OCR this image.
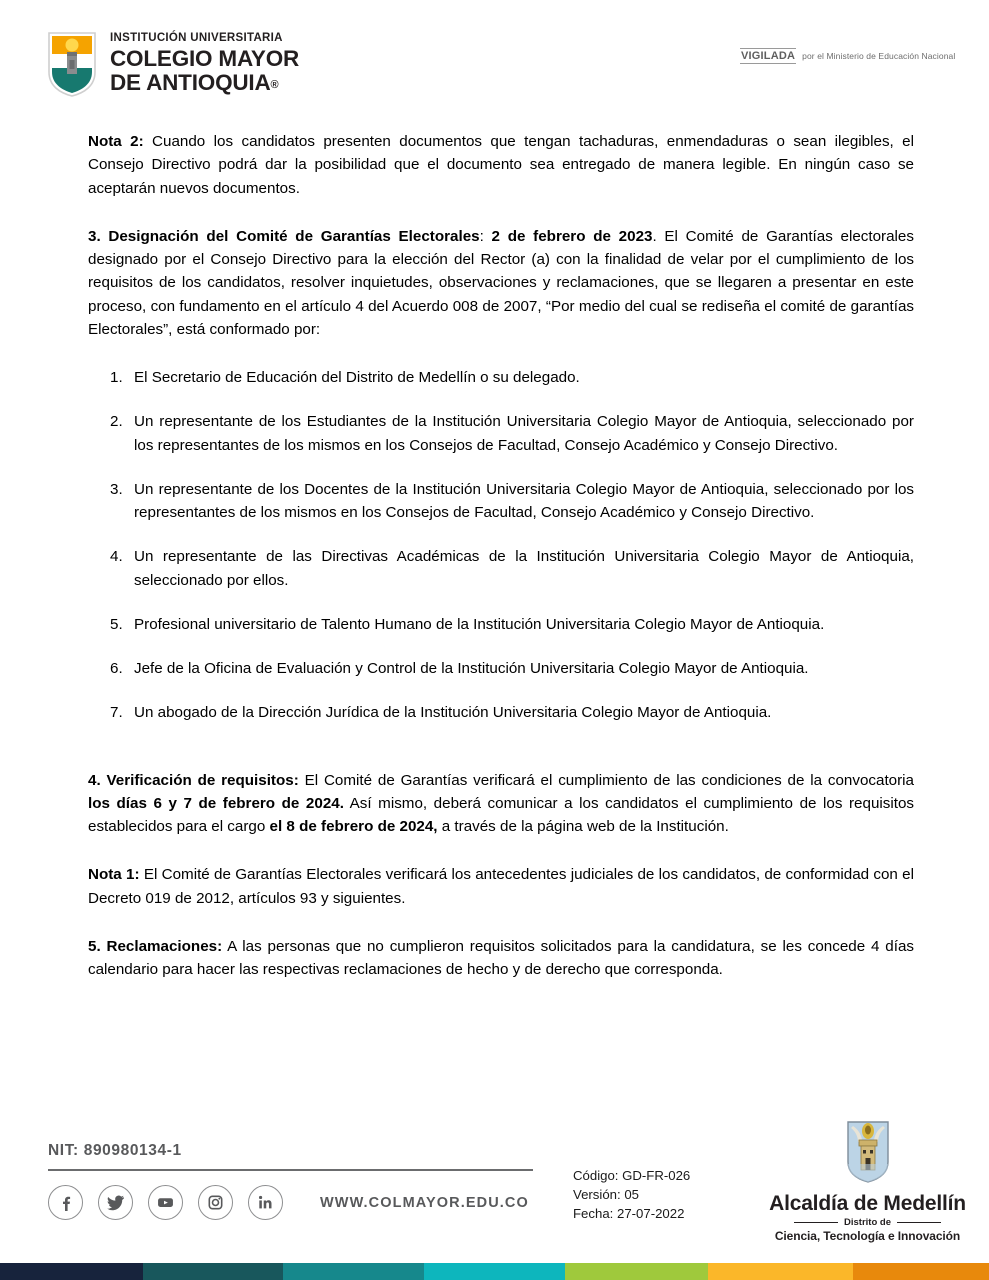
INSTITUCIÓN UNIVERSITARIA
COLEGIO MAYOR
DE ANTIOQUIA®
VIGILADA por el Ministerio de Educación Nacional

Nota 2: Cuando los candidatos presenten documentos que tengan tachaduras, enmendaduras o sean ilegibles, el Consejo Directivo podrá dar la posibilidad que el documento sea entregado de manera legible. En ningún caso se aceptarán nuevos documentos.

3. Designación del Comité de Garantías Electorales: 2 de febrero de 2023. El Comité de Garantías electorales designado por el Consejo Directivo para la elección del Rector (a) con la finalidad de velar por el cumplimiento de los requisitos de los candidatos, resolver inquietudes, observaciones y reclamaciones, que se llegaren a presentar en este proceso, con fundamento en el artículo 4 del Acuerdo 008 de 2007, “Por medio del cual se rediseña el comité de garantías Electorales”, está conformado por:

El Secretario de Educación del Distrito de Medellín o su delegado.
Un representante de los Estudiantes de la Institución Universitaria Colegio Mayor de Antioquia, seleccionado por los representantes de los mismos en los Consejos de Facultad, Consejo Académico y Consejo Directivo.
Un representante de los Docentes de la Institución Universitaria Colegio Mayor de Antioquia, seleccionado por los representantes de los mismos en los Consejos de Facultad, Consejo Académico y Consejo Directivo.
Un representante de las Directivas Académicas de la Institución Universitaria Colegio Mayor de Antioquia, seleccionado por ellos.
Profesional universitario de Talento Humano de la Institución Universitaria Colegio Mayor de Antioquia.
Jefe de la Oficina de Evaluación y Control de la Institución Universitaria Colegio Mayor de Antioquia.
Un abogado de la Dirección Jurídica de la Institución Universitaria Colegio Mayor de Antioquia.

4. Verificación de requisitos: El Comité de Garantías verificará el cumplimiento de las condiciones de la convocatoria los días 6 y 7 de febrero de 2024. Así mismo, deberá comunicar a los candidatos el cumplimiento de los requisitos establecidos para el cargo el 8 de febrero de 2024, a través de la página web de la Institución.

Nota 1: El Comité de Garantías Electorales verificará los antecedentes judiciales de los candidatos, de conformidad con el Decreto 019 de 2012, artículos 93 y siguientes.

5. Reclamaciones: A las personas que no cumplieron requisitos solicitados para la candidatura, se les concede 4 días calendario para hacer las respectivas reclamaciones de hecho y de derecho que corresponda.

NIT: 890980134-1
WWW.COLMAYOR.EDU.CO
Código: GD-FR-026
Versión: 05
Fecha: 27-07-2022	Alcaldía de Medellín
Distrito de
Ciencia, Tecnología e Innovación
